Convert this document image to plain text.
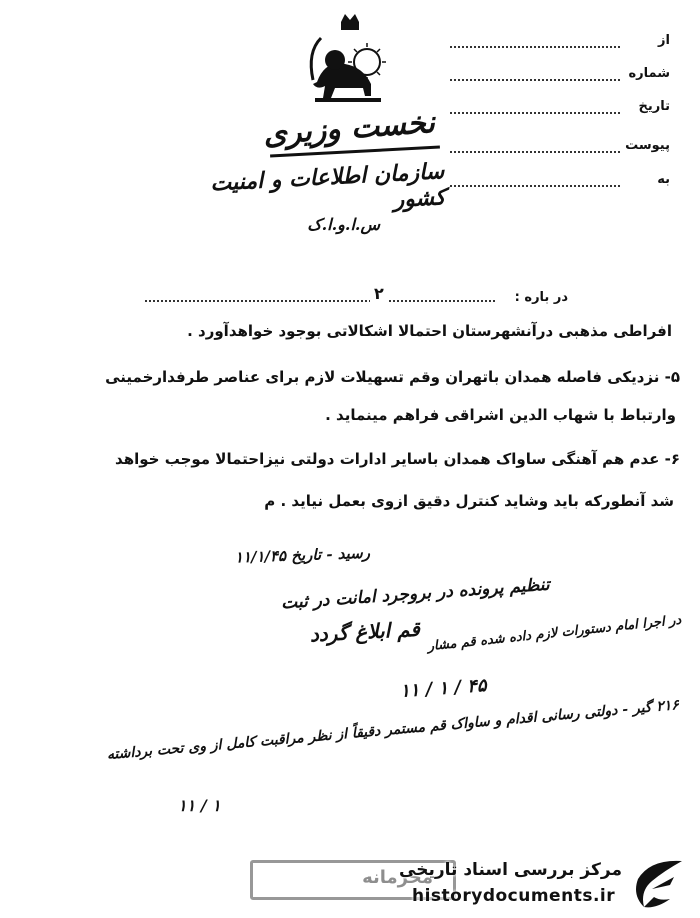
نخست وزیری
سازمان اطلاعات و امنیت کشور
س.ا.و.ا.ک
از
شماره
تاریخ
پیوست
به
در باره :
۲
افراطی مذهبی درآنشهرستان احتمالا اشکالاتی بوجود خواهدآورد .
۵- نزدیکی فاصله همدان باتهران وقم تسهیلات لازم برای عناصر طرفدارخمینی
وارتباط با شهاب الدین اشراقی فراهم مینماید .
۶- عدم هم آهنگی ساواک همدان باسایر ادارات دولتی نیزاحتمالا موجب خواهد
شد آنطورکه باید وشاید کنترل دقیق ازوی بعمل نیاید . م
رسید - تاریخ ۱۱/۱/۴۵
تنظیم پرونده در بروجرد امانت در ثبت
قم ابلاغ گردد در اجرا امام دستورات لازم داده شده قم مشار
۱۱ / ۱ / ۴۵
۲۱۶ گیر - دولتی رسانی اقدام و ساواک قم مستمر دقیقاً از نظر مراقبت کامل از وی تحت برداشته
۱۱ / ۱
محرمانه
مرکز بررسی اسناد تاریخی
historydocuments.ir
